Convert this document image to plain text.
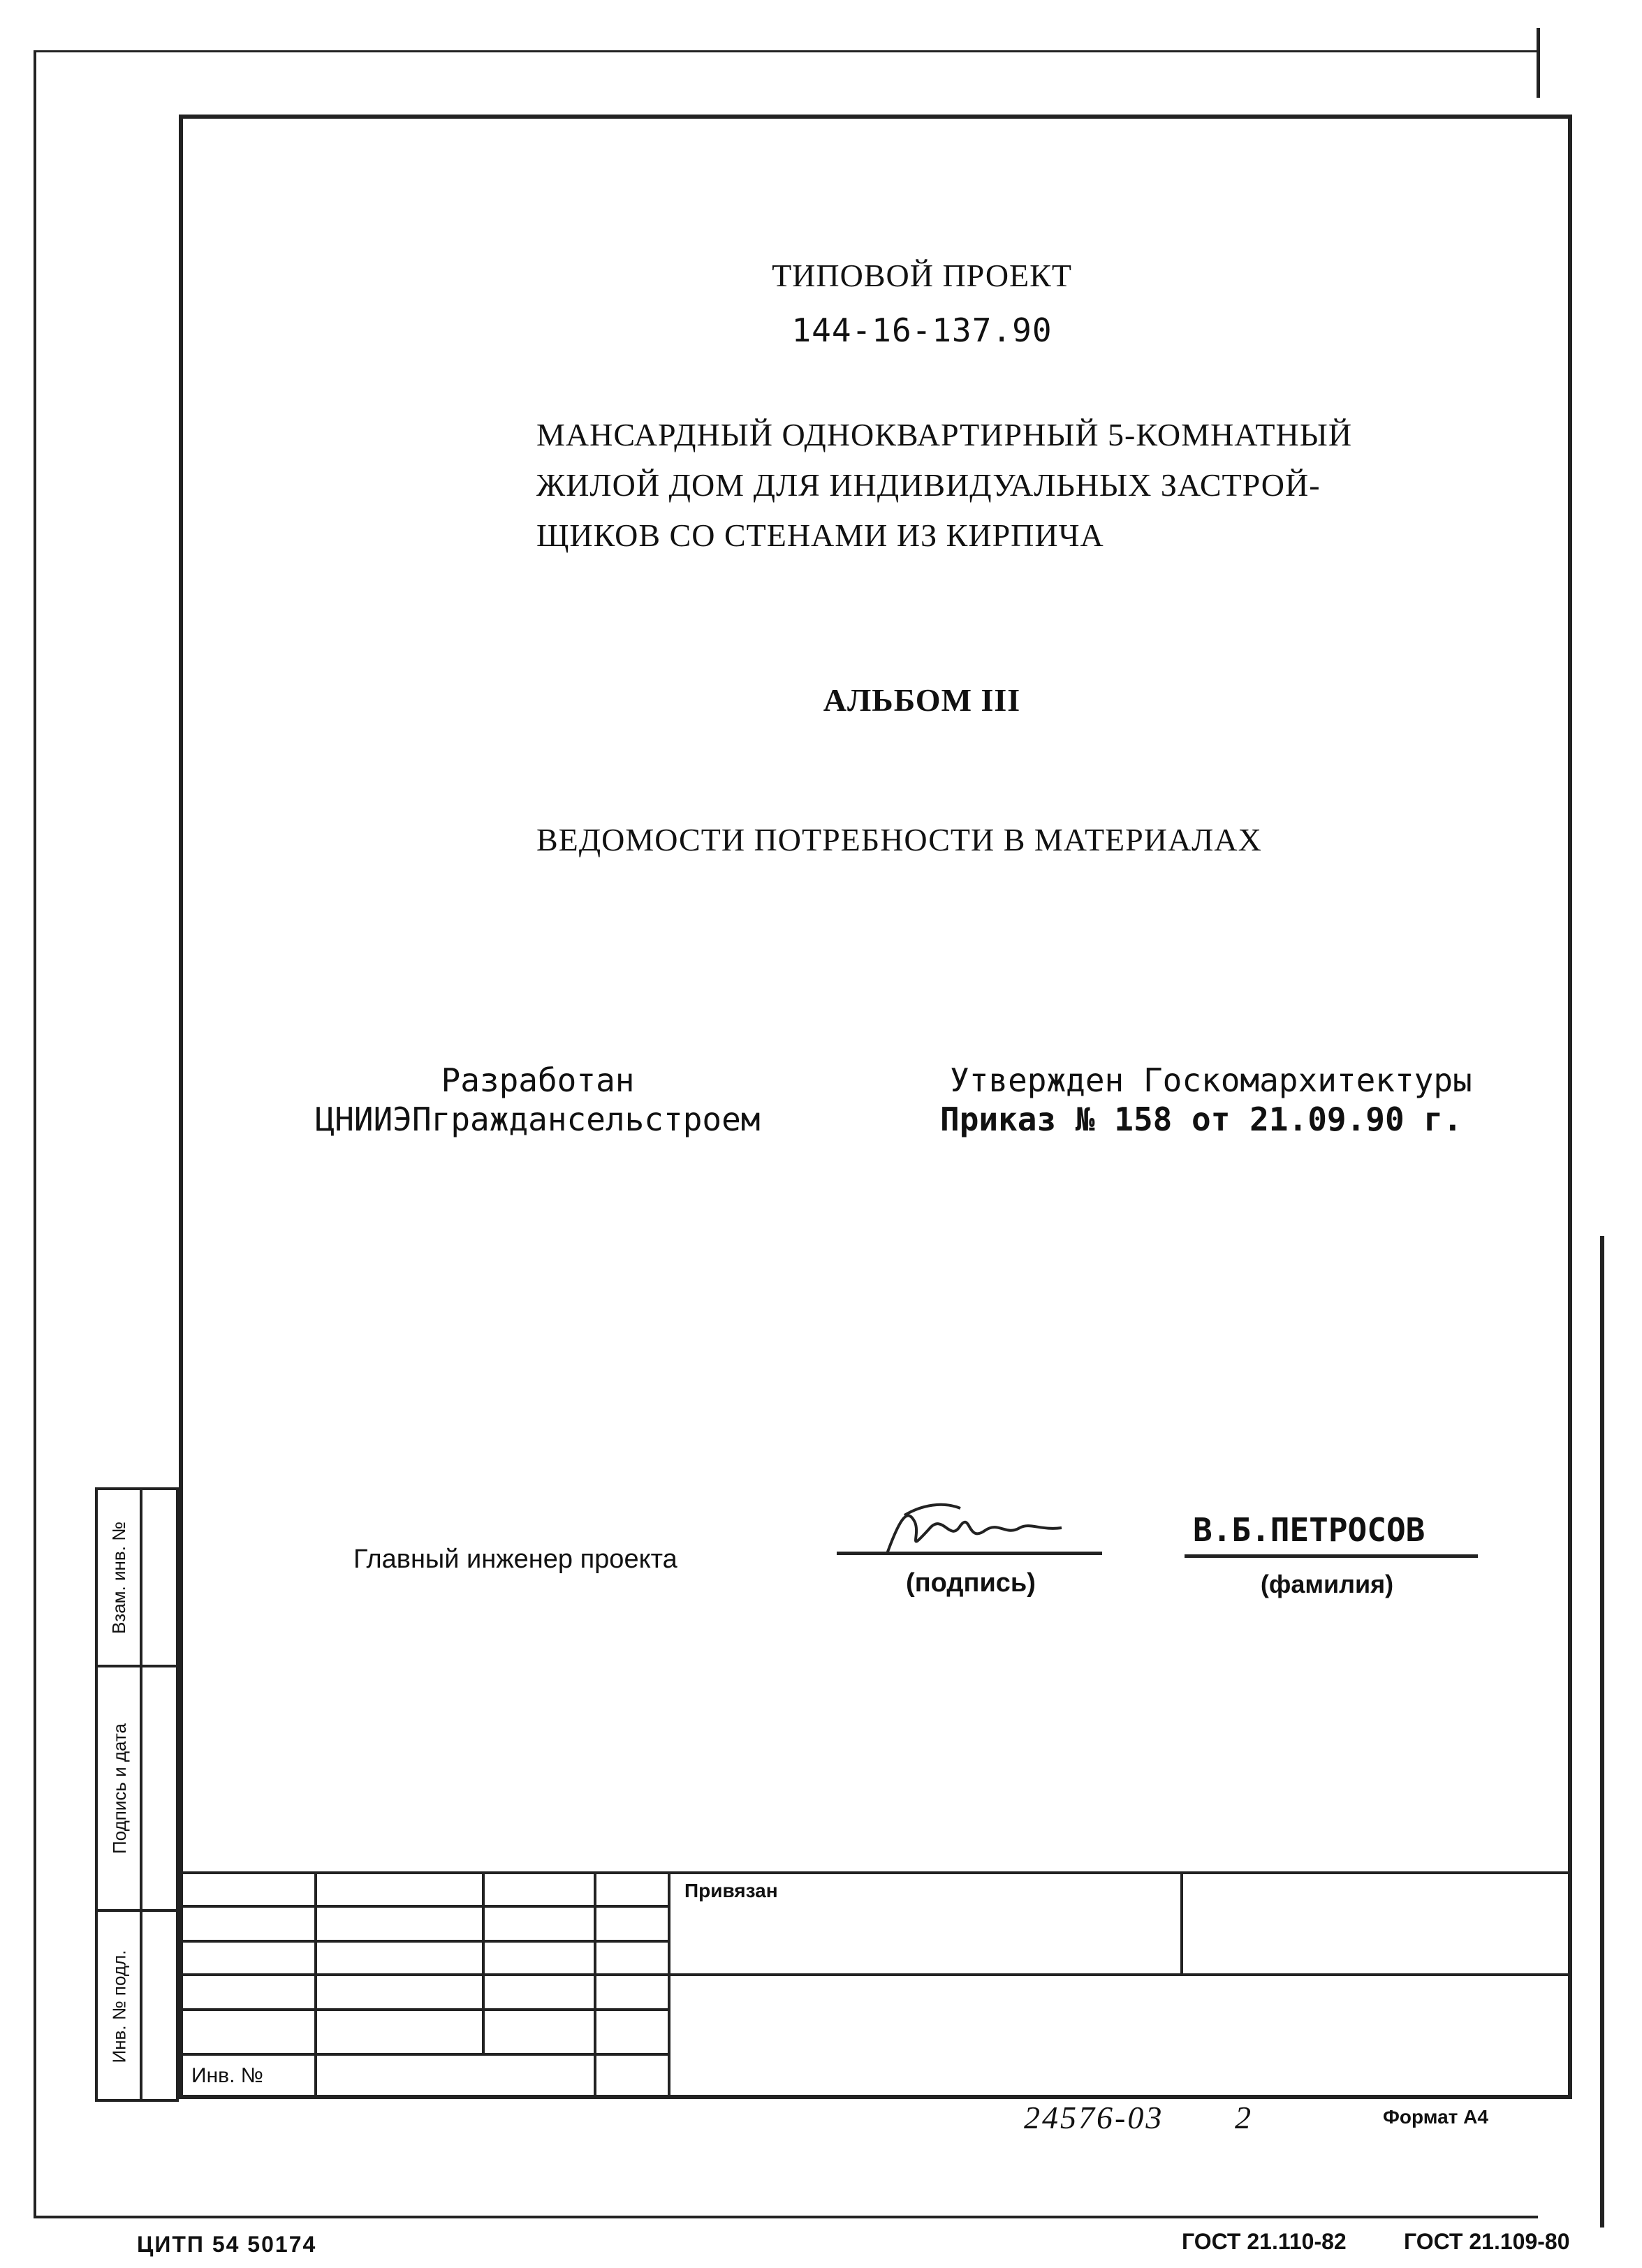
ТИПОВОЙ ПРОЕКТ
144-16-137.90
МАНСАРДНЫЙ ОДНОКВАРТИРНЫЙ 5-КОМНАТНЫЙ
ЖИЛОЙ ДОМ ДЛЯ ИНДИВИДУАЛЬНЫХ ЗАСТРОЙ-
ЩИКОВ СО СТЕНАМИ ИЗ КИРПИЧА
АЛЬБОМ III
ВЕДОМОСТИ ПОТРЕБНОСТИ В МАТЕРИАЛАХ
Разработан
ЦНИИЭПграждансельстроем
Утвержден Госкомархитектуры
Приказ № 158 от 21.09.90 г.
Главный инженер проекта
(подпись)
В.Б.ПЕТРОСОВ
(фамилия)
Взам. инв. №
Подпись и дата
Инв. № подл.
Привязан
Инв. №
24576-03 2	Формат А4
ЦИТП 54 50174	ГОСТ 21.110-82	ГОСТ 21.109-80
